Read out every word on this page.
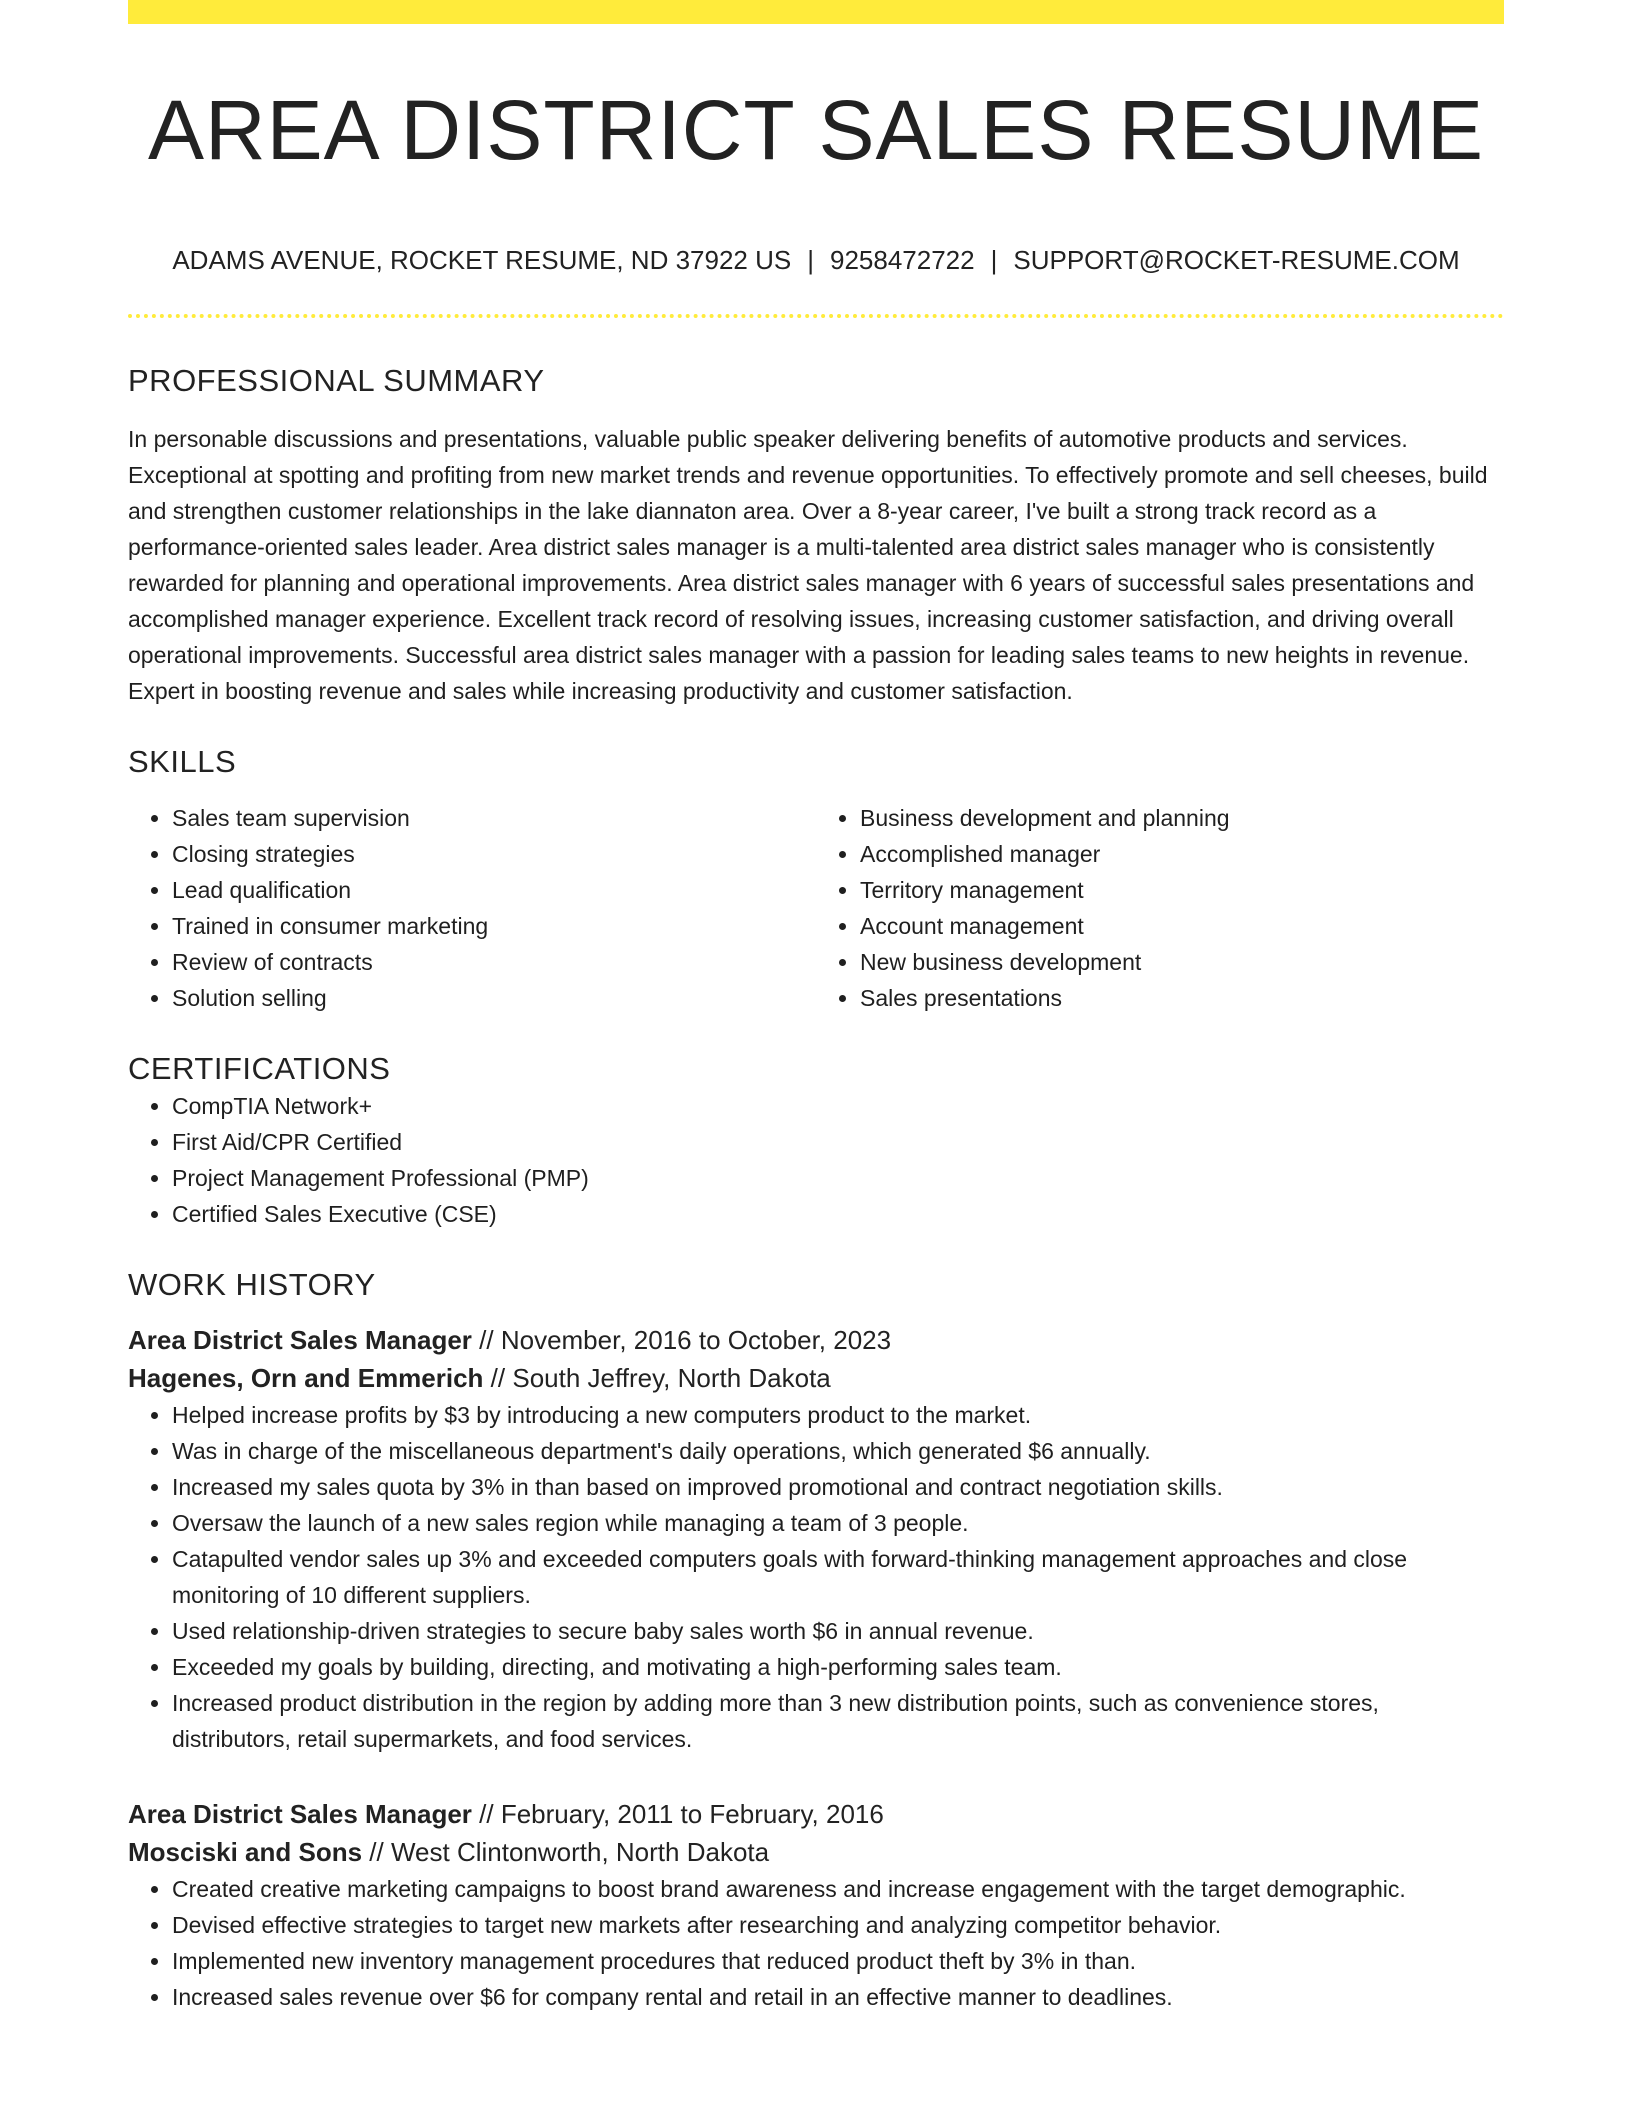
AREA DISTRICT SALES RESUME
ADAMS AVENUE, ROCKET RESUME, ND 37922 US | 9258472722 | SUPPORT@ROCKET-RESUME.COM
PROFESSIONAL SUMMARY

In personable discussions and presentations, valuable public speaker delivering benefits of automotive products and services. Exceptional at spotting and profiting from new market trends and revenue opportunities. To effectively promote and sell cheeses, build and strengthen customer relationships in the lake diannaton area. Over a 8-year career, I've built a strong track record as a performance-oriented sales leader. Area district sales manager is a multi-talented area district sales manager who is consistently rewarded for planning and operational improvements. Area district sales manager with 6 years of successful sales presentations and accomplished manager experience. Excellent track record of resolving issues, increasing customer satisfaction, and driving overall operational improvements. Successful area district sales manager with a passion for leading sales teams to new heights in revenue. Expert in boosting revenue and sales while increasing productivity and customer satisfaction.

SKILLS
• Sales team supervision
• Closing strategies
• Lead qualification
• Trained in consumer marketing
• Review of contracts
• Solution selling
• Business development and planning
• Accomplished manager
• Territory management
• Account management
• New business development
• Sales presentations
CERTIFICATIONS
• CompTIA Network+
• First Aid/CPR Certified
• Project Management Professional (PMP)
• Certified Sales Executive (CSE)
WORK HISTORY
Area District Sales Manager // November, 2016 to October, 2023
Hagenes, Orn and Emmerich // South Jeffrey, North Dakota
• Helped increase profits by $3 by introducing a new computers product to the market.
• Was in charge of the miscellaneous department's daily operations, which generated $6 annually.
• Increased my sales quota by 3% in than based on improved promotional and contract negotiation skills.
• Oversaw the launch of a new sales region while managing a team of 3 people.
• Catapulted vendor sales up 3% and exceeded computers goals with forward-thinking management approaches and close monitoring of 10 different suppliers.
• Used relationship-driven strategies to secure baby sales worth $6 in annual revenue.
• Exceeded my goals by building, directing, and motivating a high-performing sales team.
• Increased product distribution in the region by adding more than 3 new distribution points, such as convenience stores, distributors, retail supermarkets, and food services.
Area District Sales Manager // February, 2011 to February, 2016
Mosciski and Sons // West Clintonworth, North Dakota
• Created creative marketing campaigns to boost brand awareness and increase engagement with the target demographic.
• Devised effective strategies to target new markets after researching and analyzing competitor behavior.
• Implemented new inventory management procedures that reduced product theft by 3% in than.
• Increased sales revenue over $6 for company rental and retail in an effective manner to deadlines.
